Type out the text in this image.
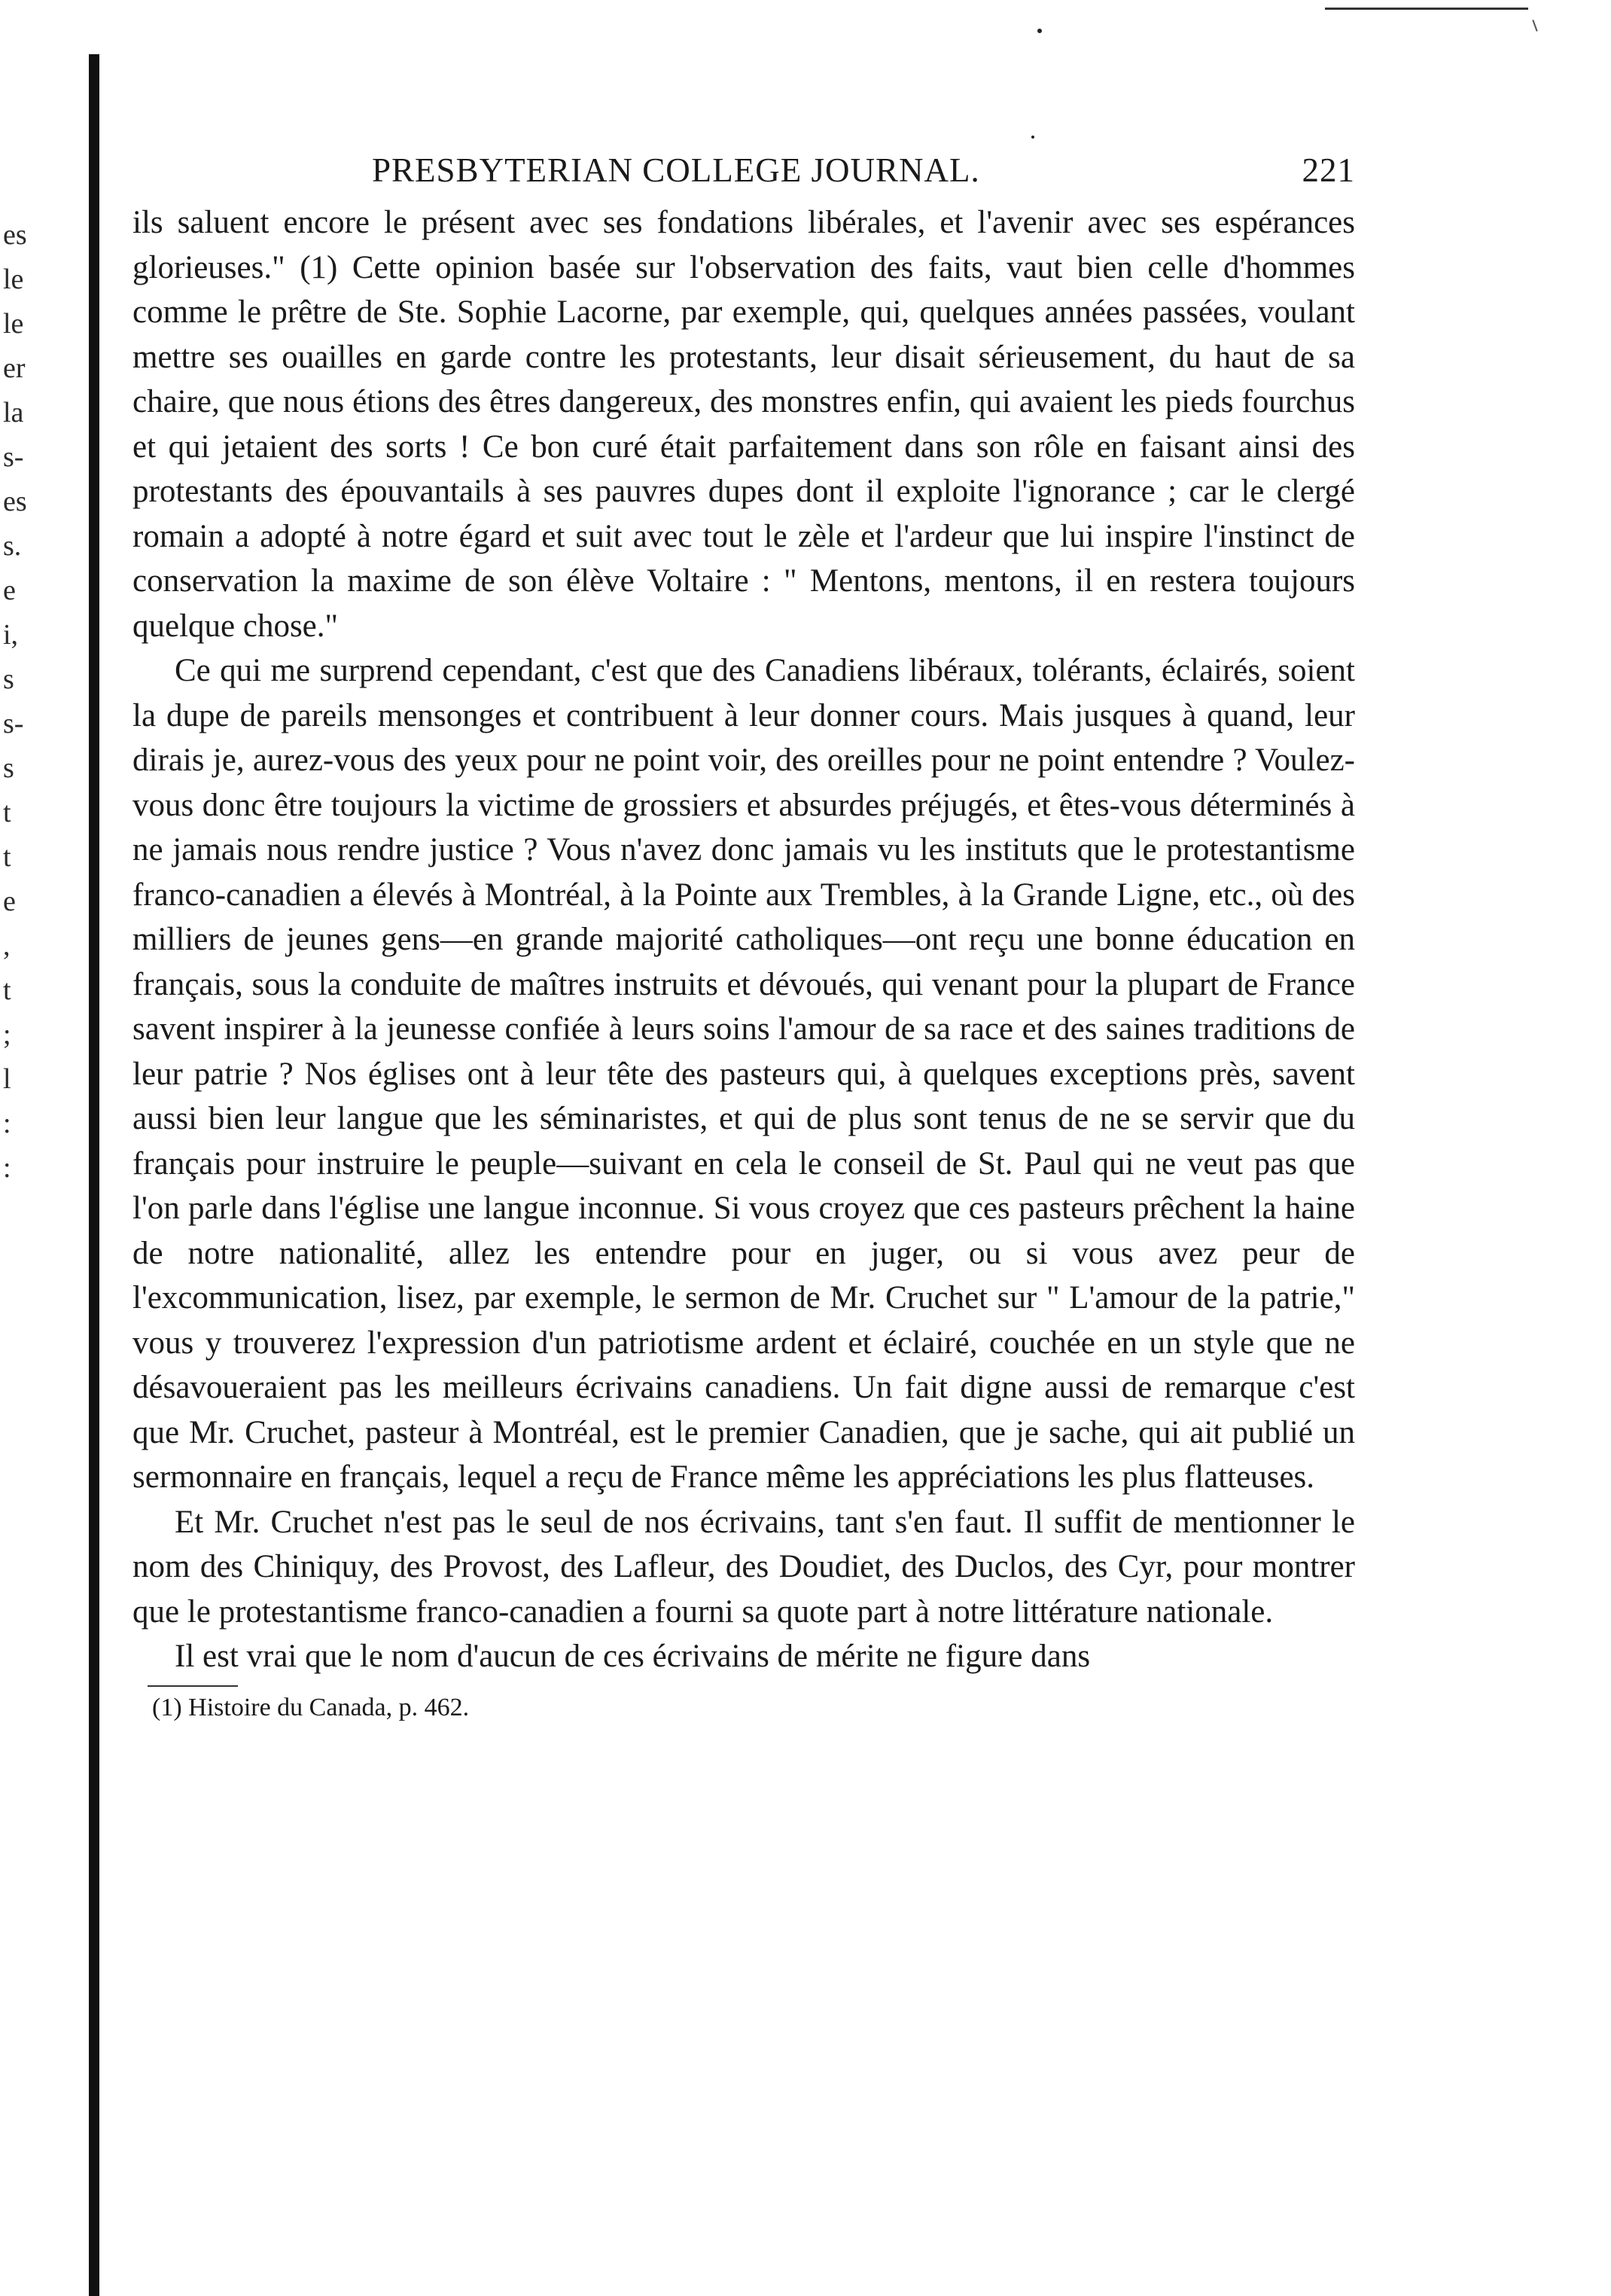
es
le
le
er
la
s-
es
s.
e
i,
s
s-
s
t
t
e
,
t
;
l
:
:
PRESBYTERIAN COLLEGE JOURNAL.	221

ils saluent encore le présent avec ses fondations libérales, et l'avenir avec ses espérances glorieuses." (1) Cette opinion basée sur l'observation des faits, vaut bien celle d'hommes comme le prêtre de Ste. Sophie Lacorne, par exemple, qui, quelques années passées, voulant mettre ses ouailles en garde contre les protestants, leur disait sérieusement, du haut de sa chaire, que nous étions des êtres dangereux, des monstres enfin, qui avaient les pieds fourchus et qui jetaient des sorts ! Ce bon curé était parfaitement dans son rôle en faisant ainsi des protestants des épouvantails à ses pauvres dupes dont il exploite l'ignorance ; car le clergé romain a adopté à notre égard et suit avec tout le zèle et l'ardeur que lui inspire l'instinct de conservation la maxime de son élève Voltaire : " Mentons, mentons, il en restera toujours quelque chose."

Ce qui me surprend cependant, c'est que des Canadiens libéraux, tolérants, éclairés, soient la dupe de pareils mensonges et contribuent à leur donner cours. Mais jusques à quand, leur dirais je, aurez-vous des yeux pour ne point voir, des oreilles pour ne point entendre ? Voulez-vous donc être toujours la victime de grossiers et absurdes préjugés, et êtes-vous déterminés à ne jamais nous rendre justice ? Vous n'avez donc jamais vu les instituts que le protestantisme franco-canadien a élevés à Montréal, à la Pointe aux Trembles, à la Grande Ligne, etc., où des milliers de jeunes gens—en grande majorité catholiques—ont reçu une bonne éducation en français, sous la conduite de maîtres instruits et dévoués, qui venant pour la plupart de France savent inspirer à la jeunesse confiée à leurs soins l'amour de sa race et des saines traditions de leur patrie ? Nos églises ont à leur tête des pasteurs qui, à quelques exceptions près, savent aussi bien leur langue que les séminaristes, et qui de plus sont tenus de ne se servir que du français pour instruire le peuple—suivant en cela le conseil de St. Paul qui ne veut pas que l'on parle dans l'église une langue inconnue. Si vous croyez que ces pasteurs prêchent la haine de notre nationalité, allez les entendre pour en juger, ou si vous avez peur de l'excommunication, lisez, par exemple, le sermon de Mr. Cruchet sur " L'amour de la patrie," vous y trouverez l'expression d'un patriotisme ardent et éclairé, couchée en un style que ne désavoueraient pas les meilleurs écrivains canadiens. Un fait digne aussi de remarque c'est que Mr. Cruchet, pasteur à Montréal, est le premier Canadien, que je sache, qui ait publié un sermonnaire en français, lequel a reçu de France même les appréciations les plus flatteuses.

Et Mr. Cruchet n'est pas le seul de nos écrivains, tant s'en faut. Il suffit de mentionner le nom des Chiniquy, des Provost, des Lafleur, des Doudiet, des Duclos, des Cyr, pour montrer que le protestantisme franco-canadien a fourni sa quote part à notre littérature nationale.

Il est vrai que le nom d'aucun de ces écrivains de mérite ne figure dans

(1) Histoire du Canada, p. 462.
